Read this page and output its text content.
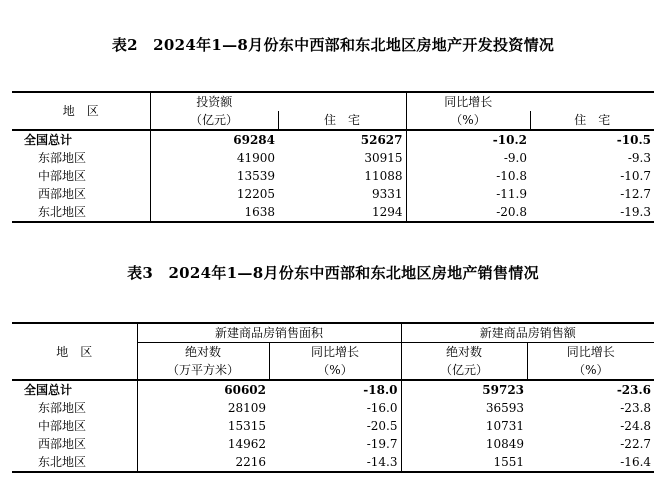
表2　2024年1—8月份东中西部和东北地区房地产开发投资情况
地　区	投资额		同比增长	
	（亿元）	住　宅	（%）	住　宅
全国总计	69284	52627	-10.2	-10.5
东部地区	41900	30915	-9.0	-9.3
中部地区	13539	11088	-10.8	-10.7
西部地区	12205	9331	-11.9	-12.7
东北地区	1638	1294	-20.8	-19.3
表3　2024年1—8月份东中西部和东北地区房地产销售情况
地　区	新建商品房销售面积		新建商品房销售额	
	绝对数	同比增长	绝对数	同比增长
	（万平方米）	（%）	（亿元）	（%）
全国总计	60602	-18.0	59723	-23.6
东部地区	28109	-16.0	36593	-23.8
中部地区	15315	-20.5	10731	-24.8
西部地区	14962	-19.7	10849	-22.7
东北地区	2216	-14.3	1551	-16.4
